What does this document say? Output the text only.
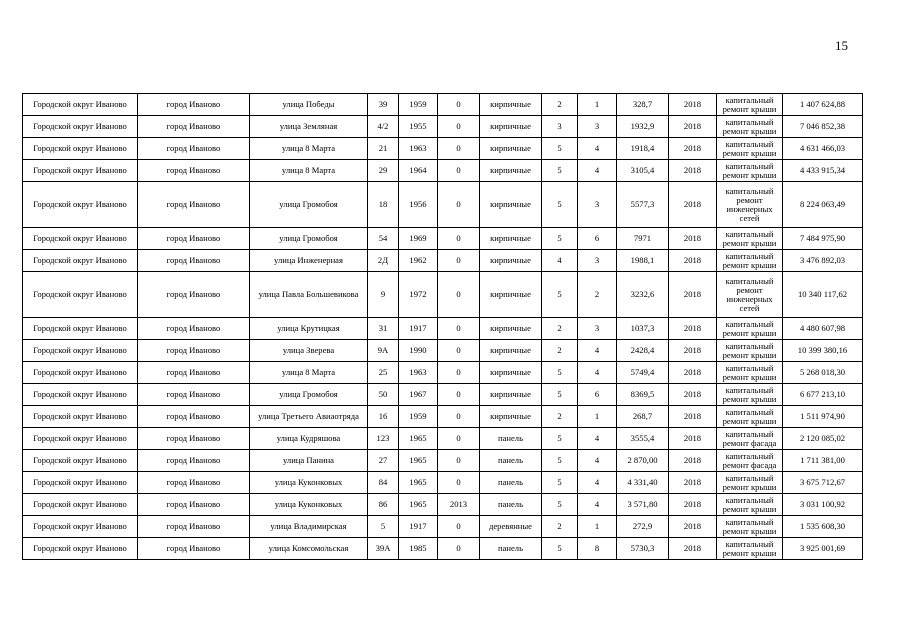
15
Городской округ Иваново	город Иваново	улица Победы	39	1959	0	кирпичные	2	1	328,7	2018	капитальный ремонт крыши	1 407 624,88
Городской округ Иваново	город Иваново	улица Земляная	4/2	1955	0	кирпичные	3	3	1932,9	2018	капитальный ремонт крыши	7 046 852,38
Городской округ Иваново	город Иваново	улица 8 Марта	21	1963	0	кирпичные	5	4	1918,4	2018	капитальный ремонт крыши	4 631 466,03
Городской округ Иваново	город Иваново	улица 8 Марта	29	1964	0	кирпичные	5	4	3105,4	2018	капитальный ремонт крыши	4 433 915,34
Городской округ Иваново	город Иваново	улица Громобоя	18	1956	0	кирпичные	5	3	5577,3	2018	капитальный ремонт инженерных сетей	8 224 063,49
Городской округ Иваново	город Иваново	улица Громобоя	54	1969	0	кирпичные	5	6	7971	2018	капитальный ремонт крыши	7 484 975,90
Городской округ Иваново	город Иваново	улица Инженерная	2Д	1962	0	кирпичные	4	3	1988,1	2018	капитальный ремонт крыши	3 476 892,03
Городской округ Иваново	город Иваново	улица Павла Большевикова	9	1972	0	кирпичные	5	2	3232,6	2018	капитальный ремонт инженерных сетей	10 340 117,62
Городской округ Иваново	город Иваново	улица Крутицкая	31	1917	0	кирпичные	2	3	1037,3	2018	капитальный ремонт крыши	4 480 607,98
Городской округ Иваново	город Иваново	улица Зверева	9А	1990	0	кирпичные	2	4	2428,4	2018	капитальный ремонт крыши	10 399 380,16
Городской округ Иваново	город Иваново	улица 8 Марта	25	1963	0	кирпичные	5	4	5749,4	2018	капитальный ремонт крыши	5 268 018,30
Городской округ Иваново	город Иваново	улица Громобоя	50	1967	0	кирпичные	5	6	8369,5	2018	капитальный ремонт крыши	6 677 213,10
Городской округ Иваново	город Иваново	улица Третьего Авиаотряда	16	1959	0	кирпичные	2	1	268,7	2018	капитальный ремонт крыши	1 511 974,90
Городской округ Иваново	город Иваново	улица Кудряшова	123	1965	0	панель	5	4	3555,4	2018	капитальный ремонт фасада	2 120 085,02
Городской округ Иваново	город Иваново	улица Панина	27	1965	0	панель	5	4	2 870,00	2018	капитальный ремонт фасада	1 711 381,00
Городской округ Иваново	город Иваново	улица Куконковых	84	1965	0	панель	5	4	4 331,40	2018	капитальный ремонт крыши	3 675 712,67
Городской округ Иваново	город Иваново	улица Куконковых	86	1965	2013	панель	5	4	3 571,80	2018	капитальный ремонт крыши	3 031 100,92
Городской округ Иваново	город Иваново	улица Владимирская	5	1917	0	деревянные	2	1	272,9	2018	капитальный ремонт крыши	1 535 608,30
Городской округ Иваново	город Иваново	улица Комсомольская	39А	1985	0	панель	5	8	5730,3	2018	капитальный ремонт крыши	3 925 001,69
